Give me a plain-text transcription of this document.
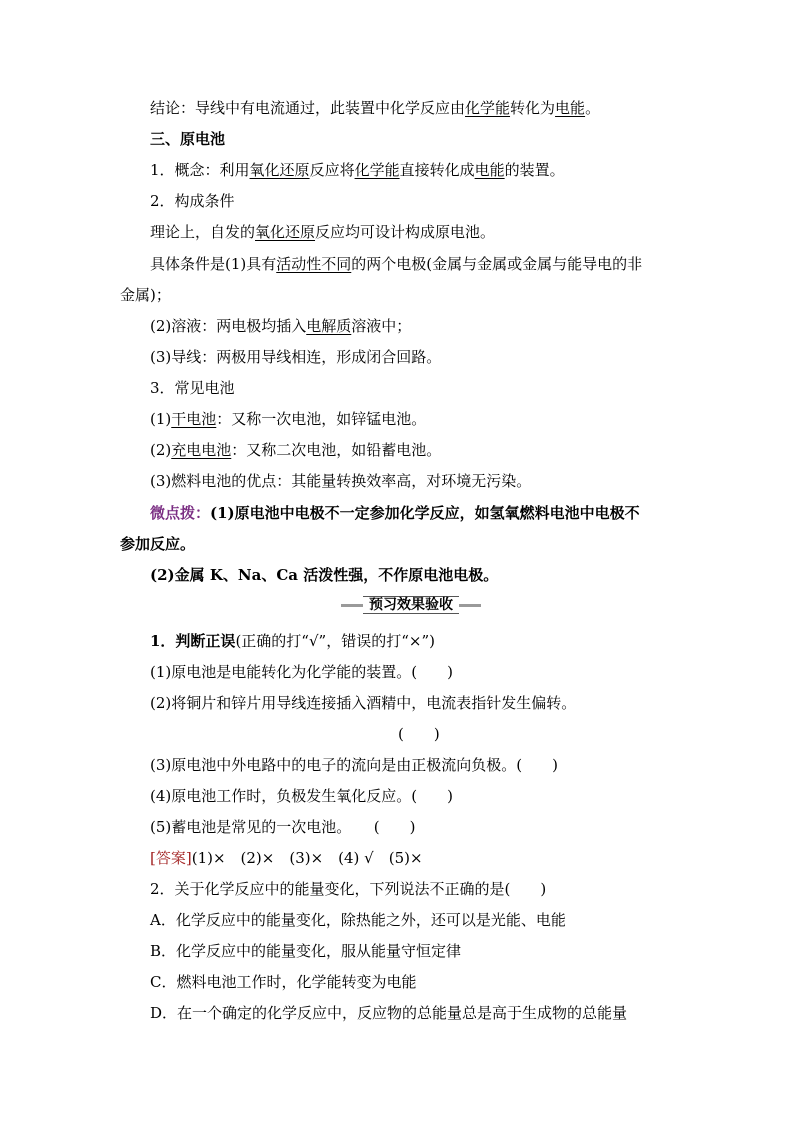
结论：导线中有电流通过，此装置中化学反应由化学能转化为电能。
三、原电池
1．概念：利用氧化还原反应将化学能直接转化成电能的装置。
2．构成条件
理论上，自发的氧化还原反应均可设计构成原电池。
具体条件是(1)具有活动性不同的两个电极(金属与金属或金属与能导电的非
金属)；
(2)溶液：两电极均插入电解质溶液中；
(3)导线：两极用导线相连，形成闭合回路。
3．常见电池
(1)干电池：又称一次电池，如锌锰电池。
(2)充电电池：又称二次电池，如铅蓄电池。
(3)燃料电池的优点：其能量转换效率高，对环境无污染。
微点拨：(1)原电池中电极不一定参加化学反应，如氢氧燃料电池中电极不
参加反应。
(2)金属 K、Na、Ca 活泼性强，不作原电池电极。
预习效果验收
1．判断正误(正确的打“√”，错误的打“×”)
(1)原电池是电能转化为化学能的装置。(　　)
(2)将铜片和锌片用导线连接插入酒精中，电流表指针发生偏转。
(　　)
(3)原电池中外电路中的电子的流向是由正极流向负极。(　　)
(4)原电池工作时，负极发生氧化反应。(　　)
(5)蓄电池是常见的一次电池。　　(　　)
[答案](1)×　(2)×　(3)×　(4) √　(5)×
2．关于化学反应中的能量变化，下列说法不正确的是(　　)
A．化学反应中的能量变化，除热能之外，还可以是光能、电能
B．化学反应中的能量变化，服从能量守恒定律
C．燃料电池工作时，化学能转变为电能
D．在一个确定的化学反应中，反应物的总能量总是高于生成物的总能量
